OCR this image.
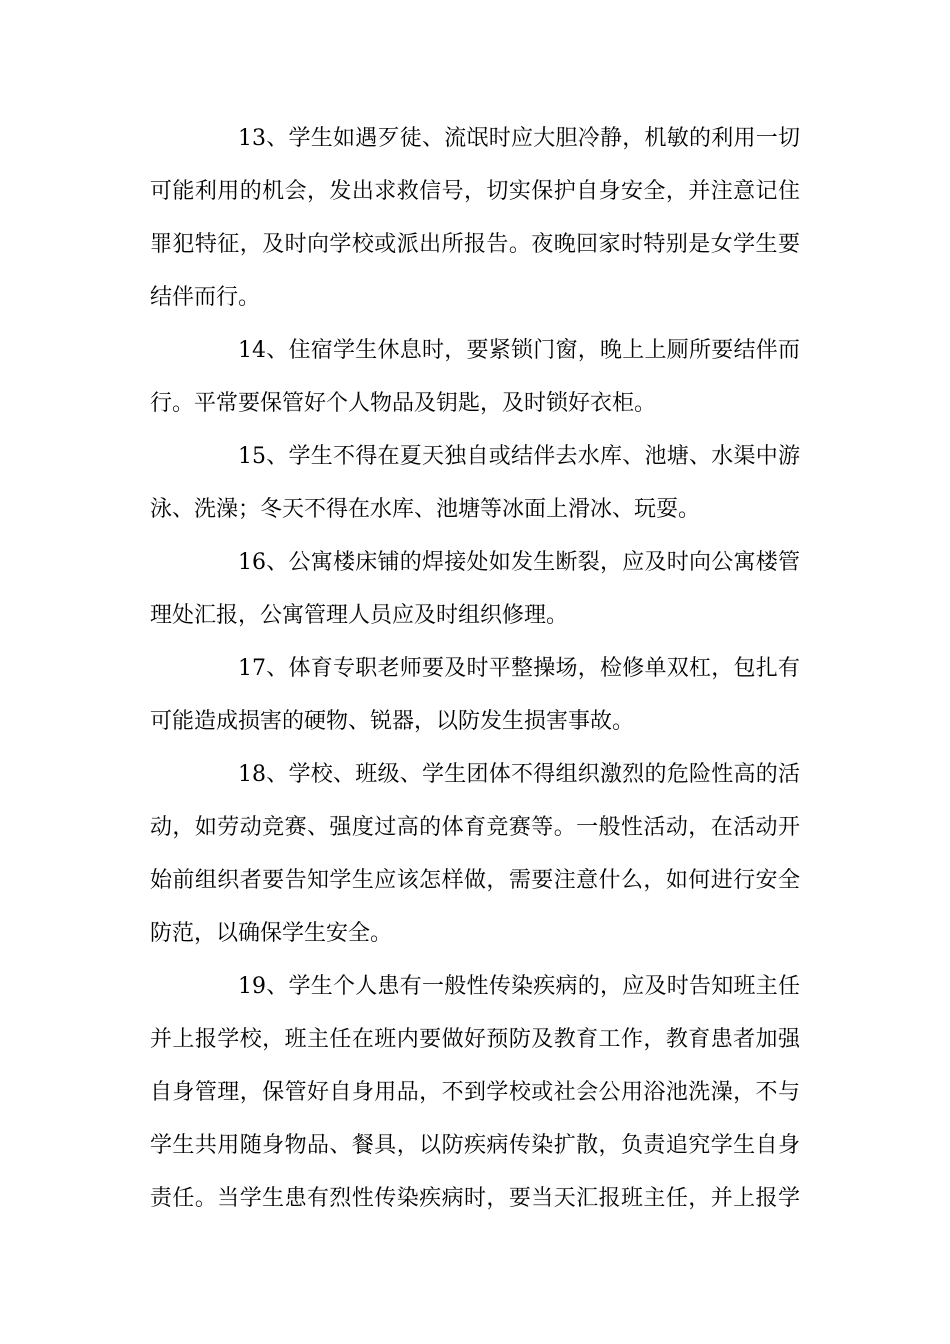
13、学生如遇歹徒、流氓时应大胆冷静，机敏的利用一切
可能利用的机会，发出求救信号，切实保护自身安全，并注意记住
罪犯特征，及时向学校或派出所报告。夜晚回家时特别是女学生要
结伴而行。
14、住宿学生休息时，要紧锁门窗，晚上上厕所要结伴而
行。平常要保管好个人物品及钥匙，及时锁好衣柜。
15、学生不得在夏天独自或结伴去水库、池塘、水渠中游
泳、洗澡；冬天不得在水库、池塘等冰面上滑冰、玩耍。
16、公寓楼床铺的焊接处如发生断裂，应及时向公寓楼管
理处汇报，公寓管理人员应及时组织修理。
17、体育专职老师要及时平整操场，检修单双杠，包扎有
可能造成损害的硬物、锐器，以防发生损害事故。
18、学校、班级、学生团体不得组织激烈的危险性高的活
动，如劳动竞赛、强度过高的体育竞赛等。一般性活动，在活动开
始前组织者要告知学生应该怎样做，需要注意什么，如何进行安全
防范，以确保学生安全。
19、学生个人患有一般性传染疾病的，应及时告知班主任
并上报学校，班主任在班内要做好预防及教育工作，教育患者加强
自身管理，保管好自身用品，不到学校或社会公用浴池洗澡，不与
学生共用随身物品、餐具，以防疾病传染扩散，负责追究学生自身
责任。当学生患有烈性传染疾病时，要当天汇报班主任，并上报学
